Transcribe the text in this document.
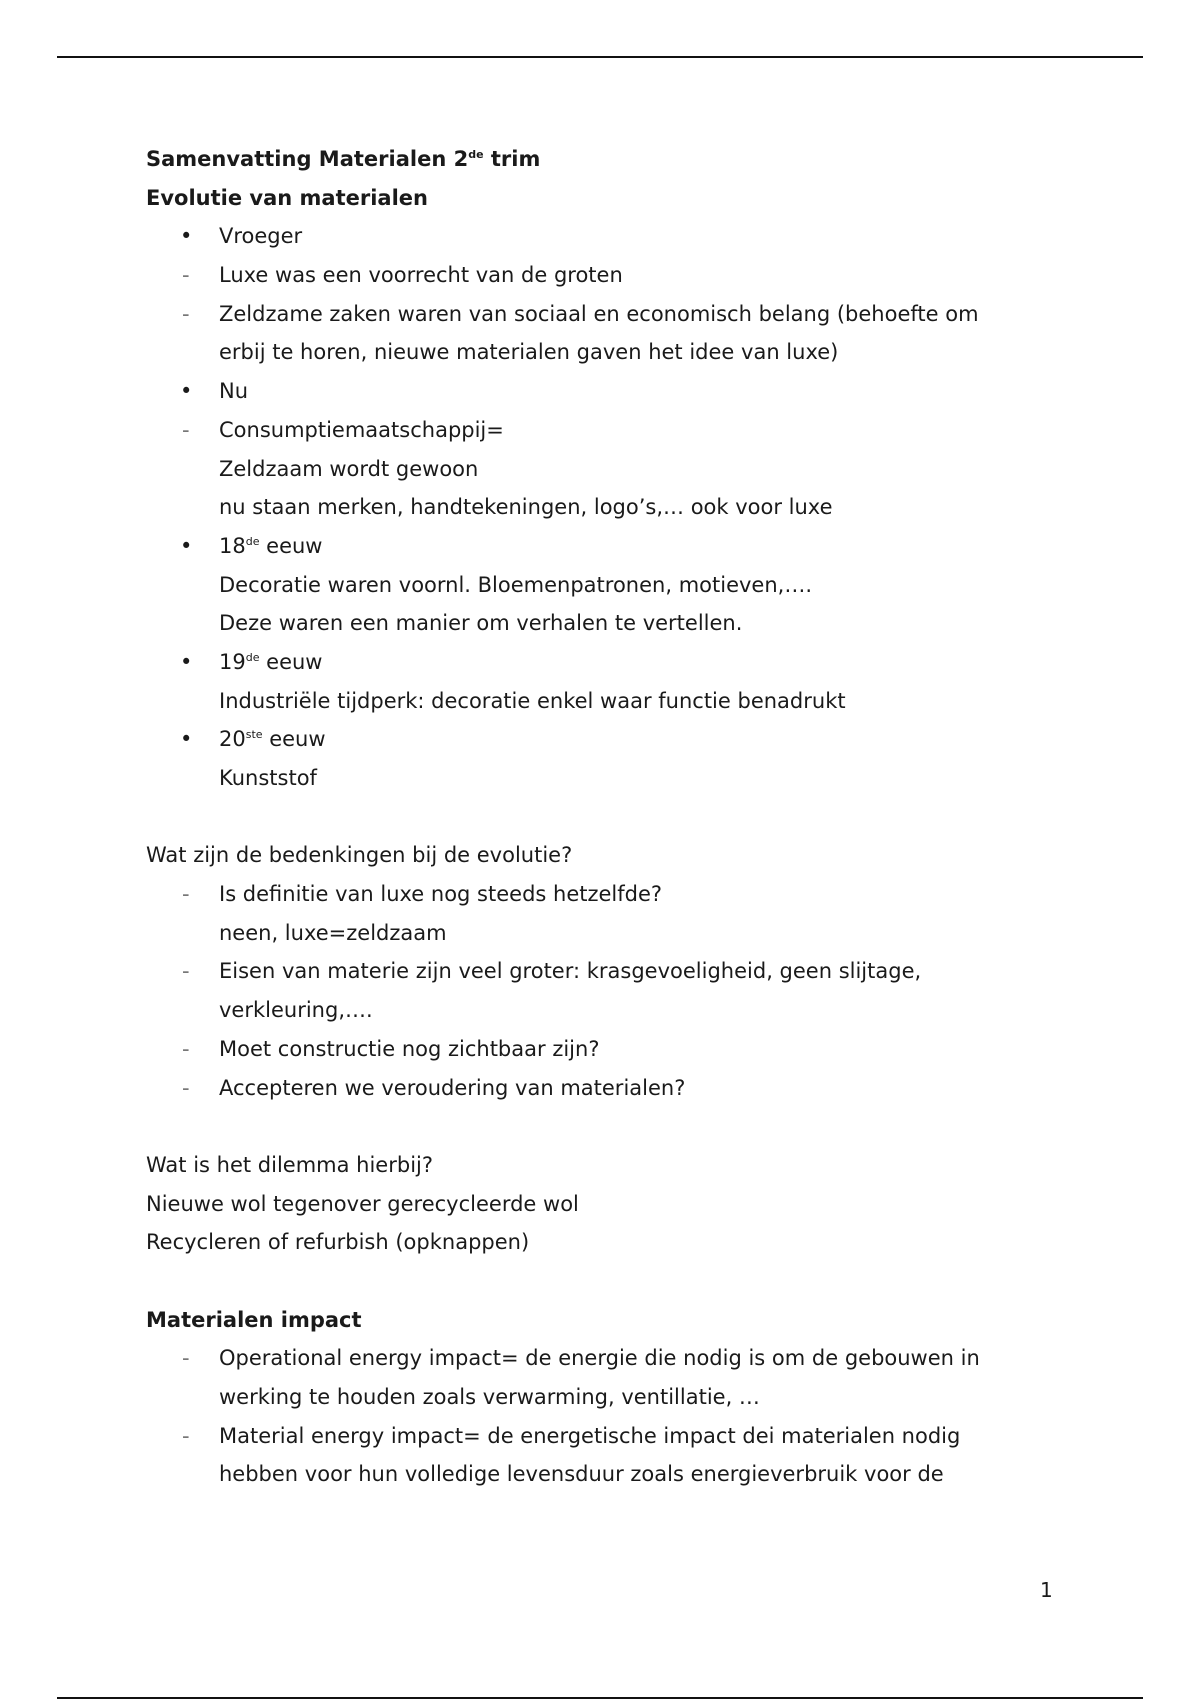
Samenvatting Materialen 2de trim
Evolutie van materialen
• Vroeger
- Luxe was een voorrecht van de groten
- Zeldzame zaken waren van sociaal en economisch belang (behoefte om
erbij te horen, nieuwe materialen gaven het idee van luxe)
• Nu
- Consumptiemaatschappij=
Zeldzaam wordt gewoon
nu staan merken, handtekeningen, logo’s,… ook voor luxe
• 18de eeuw
Decoratie waren voornl. Bloemenpatronen, motieven,….
Deze waren een manier om verhalen te vertellen.
• 19de eeuw
Industriële tijdperk: decoratie enkel waar functie benadrukt
• 20ste eeuw
Kunststof
Wat zijn de bedenkingen bij de evolutie?
- Is definitie van luxe nog steeds hetzelfde?
neen, luxe=zeldzaam
- Eisen van materie zijn veel groter: krasgevoeligheid, geen slijtage,
verkleuring,….
- Moet constructie nog zichtbaar zijn?
- Accepteren we veroudering van materialen?
Wat is het dilemma hierbij?
Nieuwe wol tegenover gerecycleerde wol
Recycleren of refurbish (opknappen)
Materialen impact
- Operational energy impact= de energie die nodig is om de gebouwen in
werking te houden zoals verwarming, ventillatie, …
- Material energy impact= de energetische impact dei materialen nodig
hebben voor hun volledige levensduur zoals energieverbruik voor de
1
